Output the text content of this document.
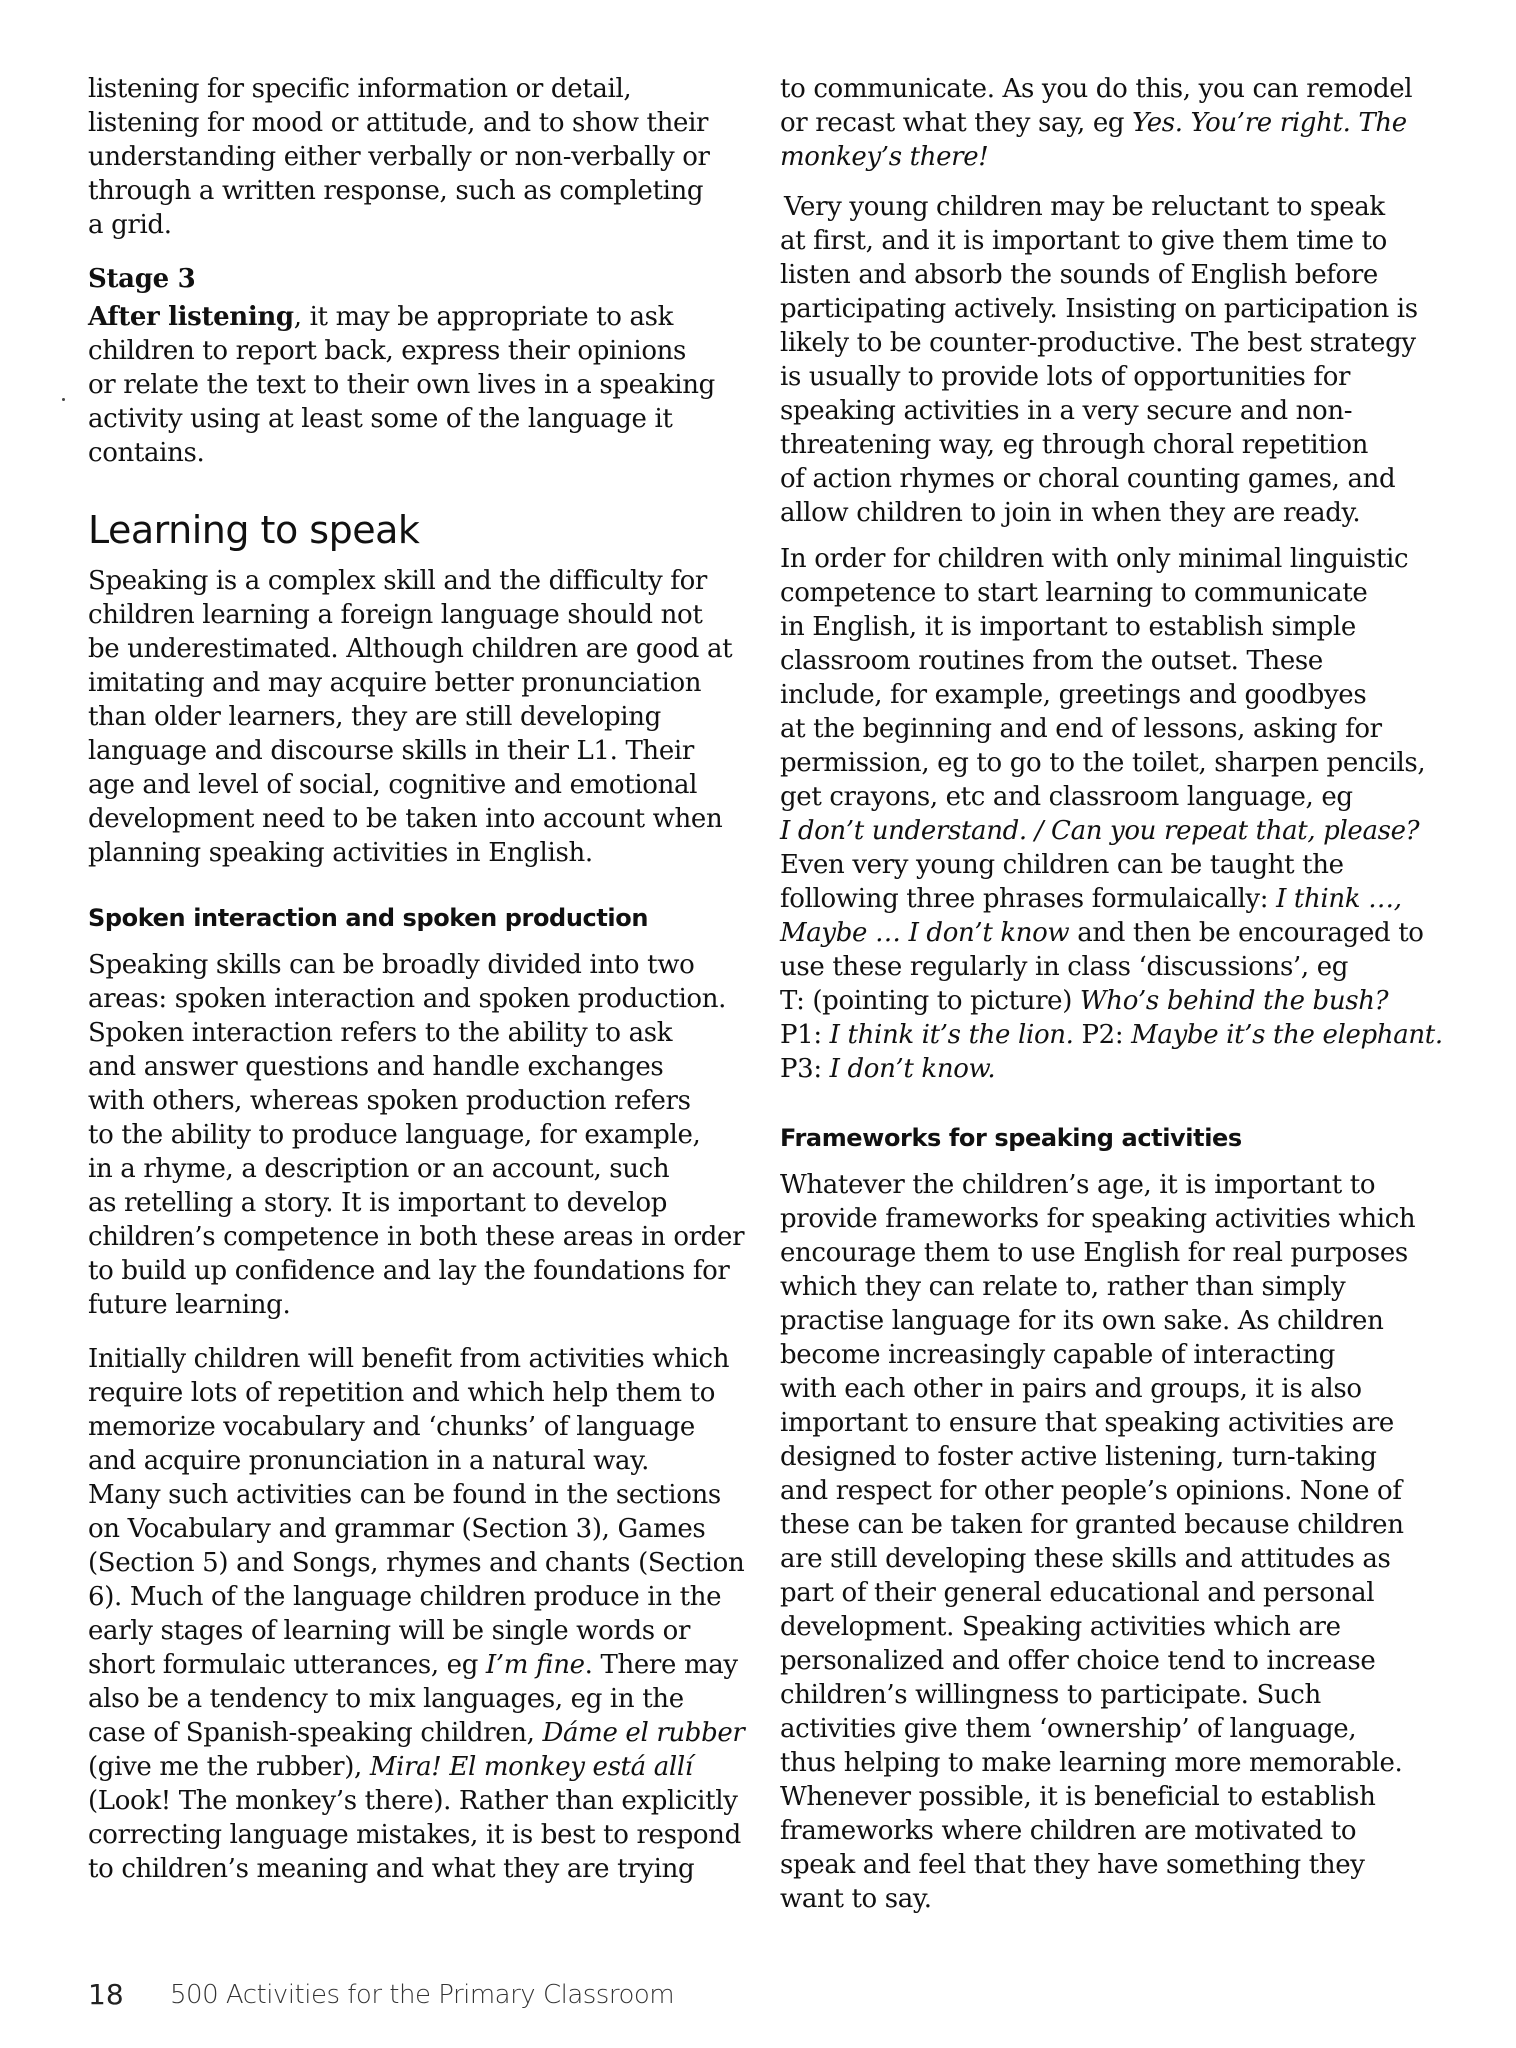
listening for specific information or detail,
listening for mood or attitude, and to show their
understanding either verbally or non-verbally or
through a written response, such as completing
a grid.
Stage 3
After listening, it may be appropriate to ask
children to report back, express their opinions
or relate the text to their own lives in a speaking
activity using at least some of the language it
contains.
Learning to speak
Speaking is a complex skill and the difficulty for
children learning a foreign language should not
be underestimated. Although children are good at
imitating and may acquire better pronunciation
than older learners, they are still developing
language and discourse skills in their L1. Their
age and level of social, cognitive and emotional
development need to be taken into account when
planning speaking activities in English.
Spoken interaction and spoken production
Speaking skills can be broadly divided into two
areas: spoken interaction and spoken production.
Spoken interaction refers to the ability to ask
and answer questions and handle exchanges
with others, whereas spoken production refers
to the ability to produce language, for example,
in a rhyme, a description or an account, such
as retelling a story. It is important to develop
children’s competence in both these areas in order
to build up confidence and lay the foundations for
future learning.
Initially children will benefit from activities which
require lots of repetition and which help them to
memorize vocabulary and ‘chunks’ of language
and acquire pronunciation in a natural way.
Many such activities can be found in the sections
on Vocabulary and grammar (Section 3), Games
(Section 5) and Songs, rhymes and chants (Section
6). Much of the language children produce in the
early stages of learning will be single words or
short formulaic utterances, eg I’m fine. There may
also be a tendency to mix languages, eg in the
case of Spanish-speaking children, Dáme el rubber
(give me the rubber), Mira! El monkey está allí
(Look! The monkey’s there). Rather than explicitly
correcting language mistakes, it is best to respond
to children’s meaning and what they are trying
to communicate. As you do this, you can remodel
or recast what they say, eg Yes. You’re right. The
monkey’s there!
Very young children may be reluctant to speak
at first, and it is important to give them time to
listen and absorb the sounds of English before
participating actively. Insisting on participation is
likely to be counter-productive. The best strategy
is usually to provide lots of opportunities for
speaking activities in a very secure and non-
threatening way, eg through choral repetition
of action rhymes or choral counting games, and
allow children to join in when they are ready.
In order for children with only minimal linguistic
competence to start learning to communicate
in English, it is important to establish simple
classroom routines from the outset. These
include, for example, greetings and goodbyes
at the beginning and end of lessons, asking for
permission, eg to go to the toilet, sharpen pencils,
get crayons, etc and classroom language, eg
I don’t understand. / Can you repeat that, please?
Even very young children can be taught the
following three phrases formulaically: I think …,
Maybe … I don’t know and then be encouraged to
use these regularly in class ‘discussions’, eg
T: (pointing to picture) Who’s behind the bush?
P1: I think it’s the lion. P2: Maybe it’s the elephant.
P3: I don’t know.
Frameworks for speaking activities
Whatever the children’s age, it is important to
provide frameworks for speaking activities which
encourage them to use English for real purposes
which they can relate to, rather than simply
practise language for its own sake. As children
become increasingly capable of interacting
with each other in pairs and groups, it is also
important to ensure that speaking activities are
designed to foster active listening, turn-taking
and respect for other people’s opinions. None of
these can be taken for granted because children
are still developing these skills and attitudes as
part of their general educational and personal
development. Speaking activities which are
personalized and offer choice tend to increase
children’s willingness to participate. Such
activities give them ‘ownership’ of language,
thus helping to make learning more memorable.
Whenever possible, it is beneficial to establish
frameworks where children are motivated to
speak and feel that they have something they
want to say.
18 500 Activities for the Primary Classroom
